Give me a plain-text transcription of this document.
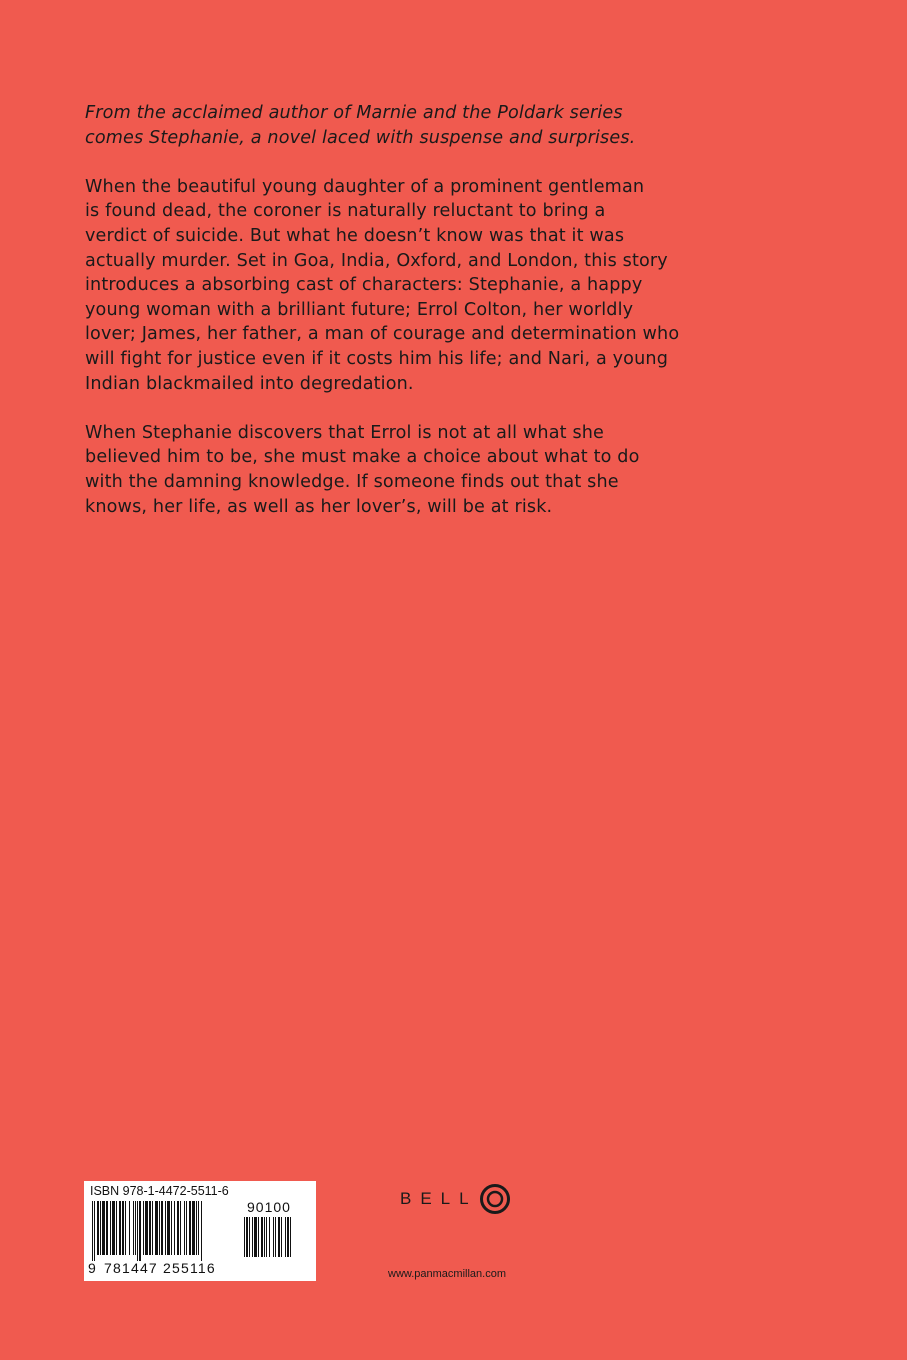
From the acclaimed author of Marnie and the Poldark series
comes Stephanie, a novel laced with suspense and surprises.

When the beautiful young daughter of a prominent gentleman
is found dead, the coroner is naturally reluctant to bring a
verdict of suicide. But what he doesn’t know was that it was
actually murder. Set in Goa, India, Oxford, and London, this story
introduces a absorbing cast of characters: Stephanie, a happy
young woman with a brilliant future; Errol Colton, her worldly
lover; James, her father, a man of courage and determination who
will fight for justice even if it costs him his life; and Nari, a young
Indian blackmailed into degredation.

When Stephanie discovers that Errol is not at all what she
believed him to be, she must make a choice about what to do
with the damning knowledge. If someone finds out that she
knows, her life, as well as her lover’s, will be at risk.

ISBN 978-1-4472-5511-6
90100
9 781447 255116
BELL
www.panmacmillan.com
